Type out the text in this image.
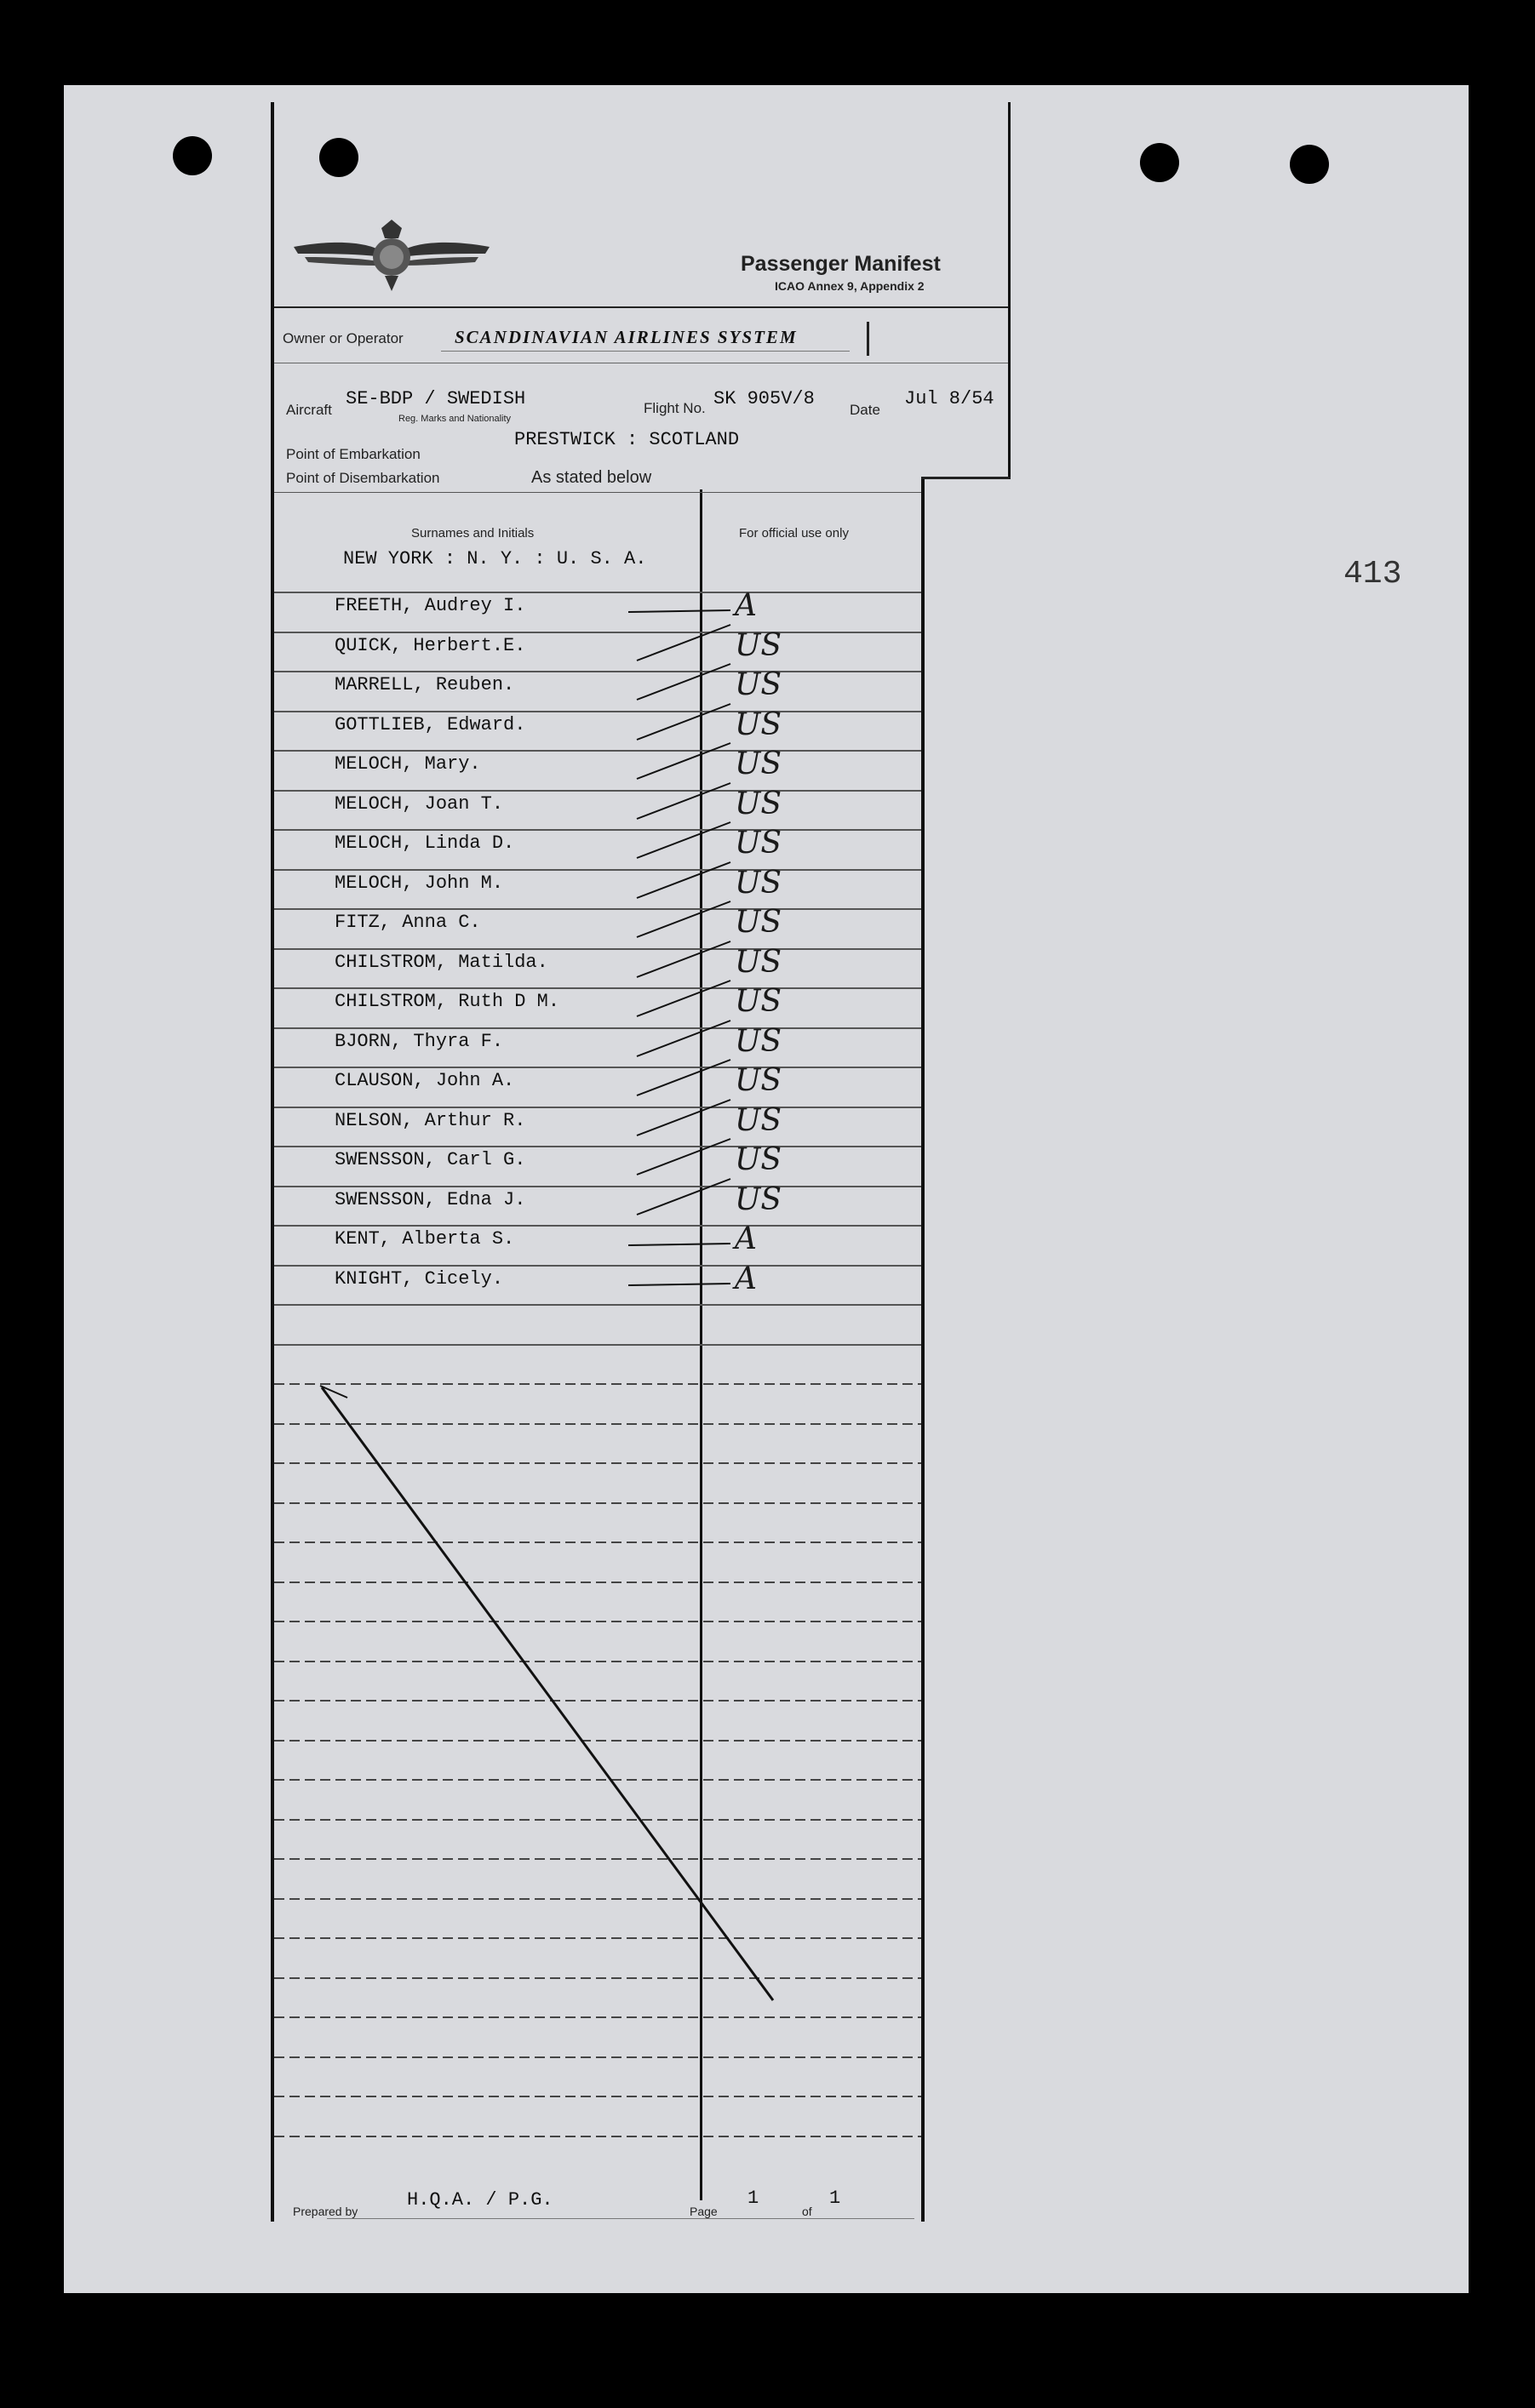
413
Passenger Manifest
ICAO Annex 9, Appendix 2
Owner or Operator	SCANDINAVIAN AIRLINES SYSTEM
Aircraft
SE-BDP / SWEDISH
Reg. Marks and Nationality
Flight No. SK 905V/8
Date
Jul 8/54
Point of Embarkation
PRESTWICK : SCOTLAND
Point of Disembarkation	As stated below
Surnames and Initials	For official use only
NEW YORK : N. Y. : U. S. A.
FREETH, Audrey I.	A
QUICK, Herbert.E.	US
MARRELL, Reuben.	US
GOTTLIEB, Edward.	US
MELOCH, Mary.	US
MELOCH, Joan T.	US
MELOCH, Linda D.	US
MELOCH, John M.	US
FITZ, Anna C.	US
CHILSTROM, Matilda.	US
CHILSTROM, Ruth D M.	US
BJORN, Thyra F.	US
CLAUSON, John A.	US
NELSON, Arthur R.	US
SWENSSON, Carl G.	US
SWENSSON, Edna J.	US
KENT, Alberta S.	A
KNIGHT, Cicely.	A
Prepared by
H.Q.A. / P.G.
Page
1
of
1
